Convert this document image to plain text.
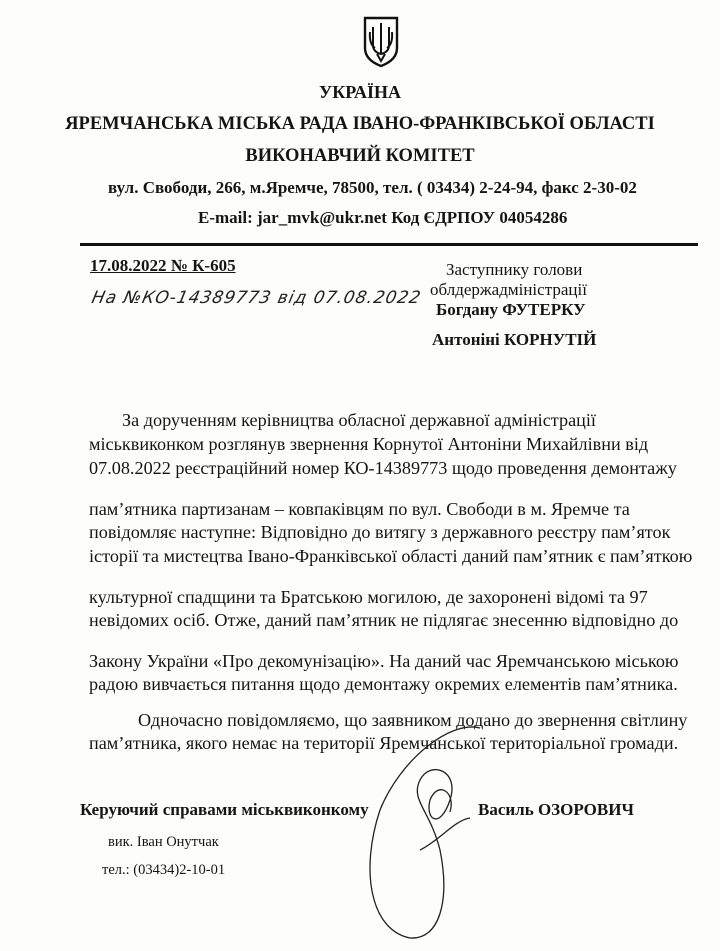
УКРАЇНА
ЯРЕМЧАНСЬКА МІСЬКА РАДА ІВАНО-ФРАНКІВСЬКОЇ ОБЛАСТІ
ВИКОНАВЧИЙ КОМІТЕТ
вул. Свободи, 266, м.Яремче, 78500, тел. ( 03434) 2-24-94, факс 2-30-02
E-mail: jar_mvk@ukr.net Код ЄДРПОУ 04054286
17.08.2022 № К-605
На №КО-14389773 від 07.08.2022
Заступнику голови
облдержадміністрації
Богдану ФУТЕРКУ
Антоніні КОРНУТІЙ
За дорученням керівництва обласної державної адміністрації
міськвиконком розглянув звернення Корнутої Антоніни Михайлівни від
07.08.2022 реєстраційний номер КО-14389773 щодо проведення демонтажу
пам’ятника партизанам – ковпаківцям по вул. Свободи в м. Яремче та
повідомляє наступне: Відповідно до витягу з державного реєстру пам’яток
історії та мистецтва Івано-Франківської області даний пам’ятник є пам’яткою
культурної спадщини та Братською могилою, де захоронені відомі та 97
невідомих осіб. Отже, даний пам’ятник не підлягає знесенню відповідно до
Закону України «Про декомунізацію». На даний час Яремчанською міською
радою вивчається питання щодо демонтажу окремих елементів пам’ятника.
Одночасно повідомляємо, що заявником додано до звернення світлину
пам’ятника, якого немає на території Яремчанської територіальної громади.
Керуючий справами міськвиконкому	Василь ОЗОРОВИЧ
вик. Іван Онутчак
тел.: (03434)2-10-01
